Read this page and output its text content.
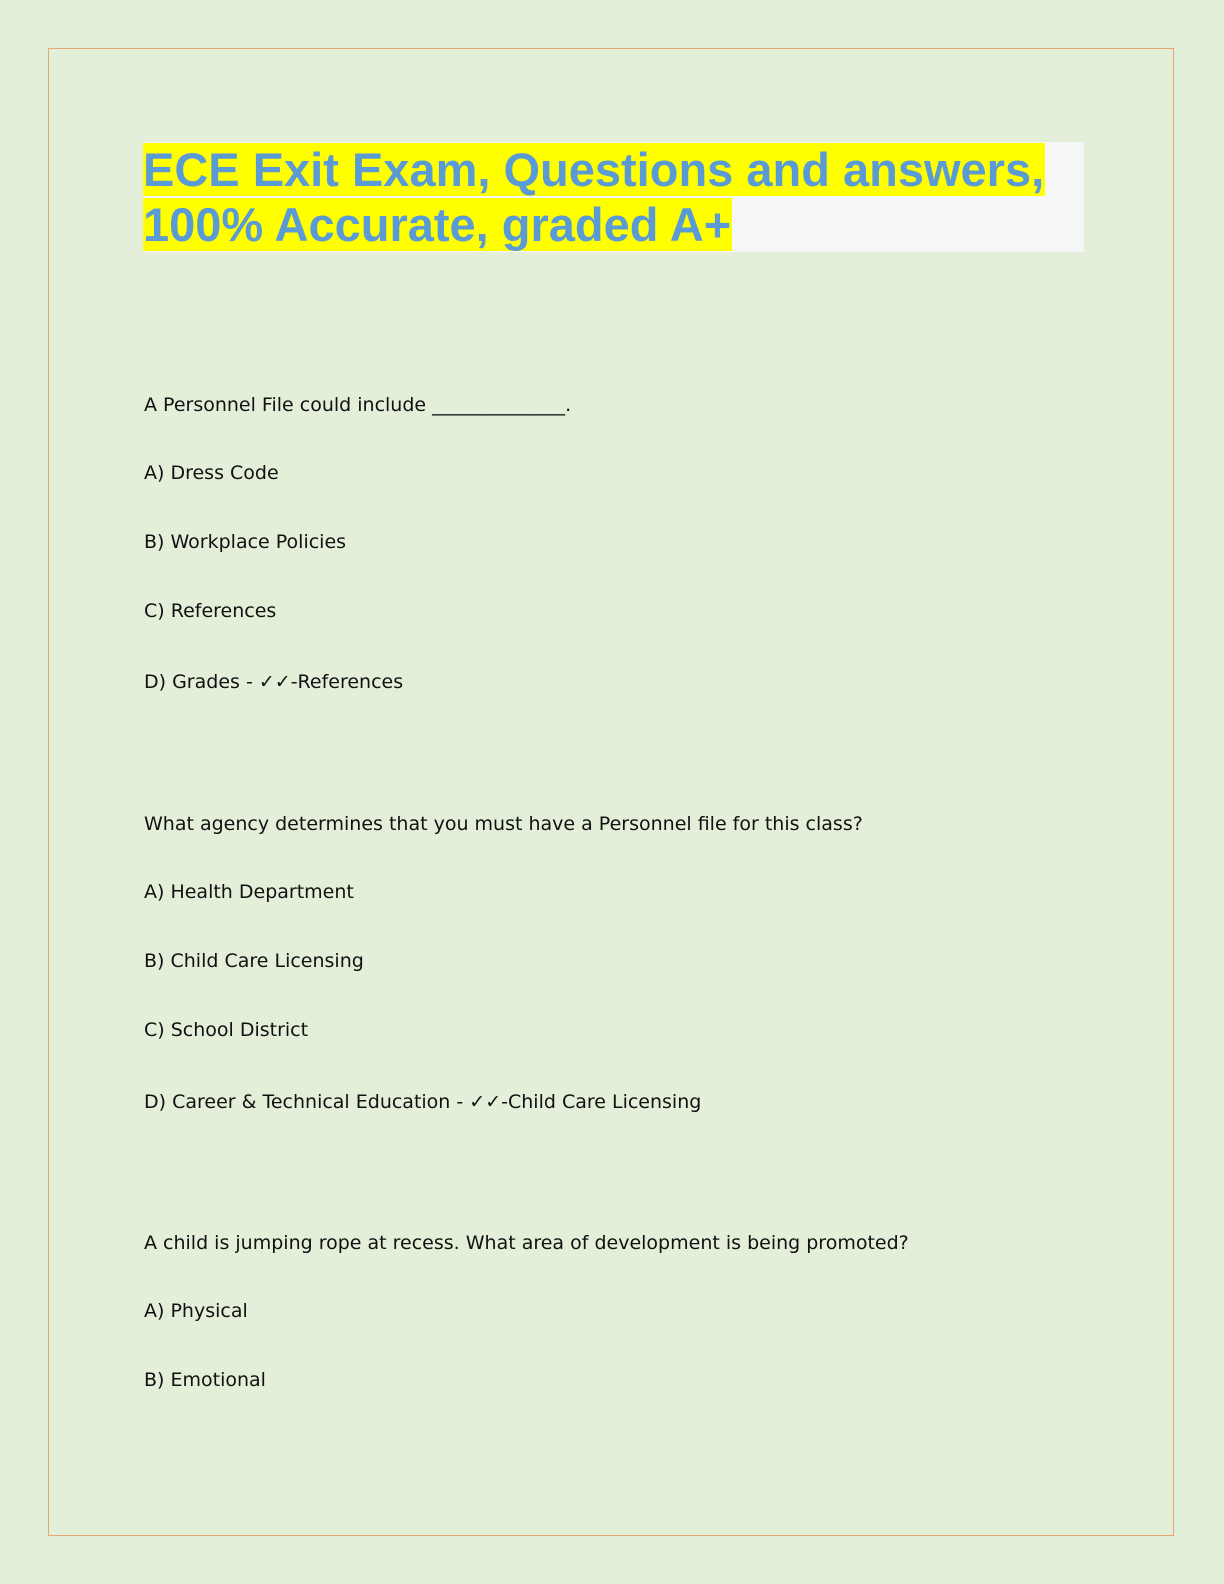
ECE Exit Exam, Questions and answers,
100% Accurate, graded A+
A Personnel File could include ______________.
A) Dress Code
B) Workplace Policies
C) References
D) Grades - ✓✓-References
What agency determines that you must have a Personnel file for this class?
A) Health Department
B) Child Care Licensing
C) School District
D) Career & Technical Education - ✓✓-Child Care Licensing
A child is jumping rope at recess. What area of development is being promoted?
A) Physical
B) Emotional
